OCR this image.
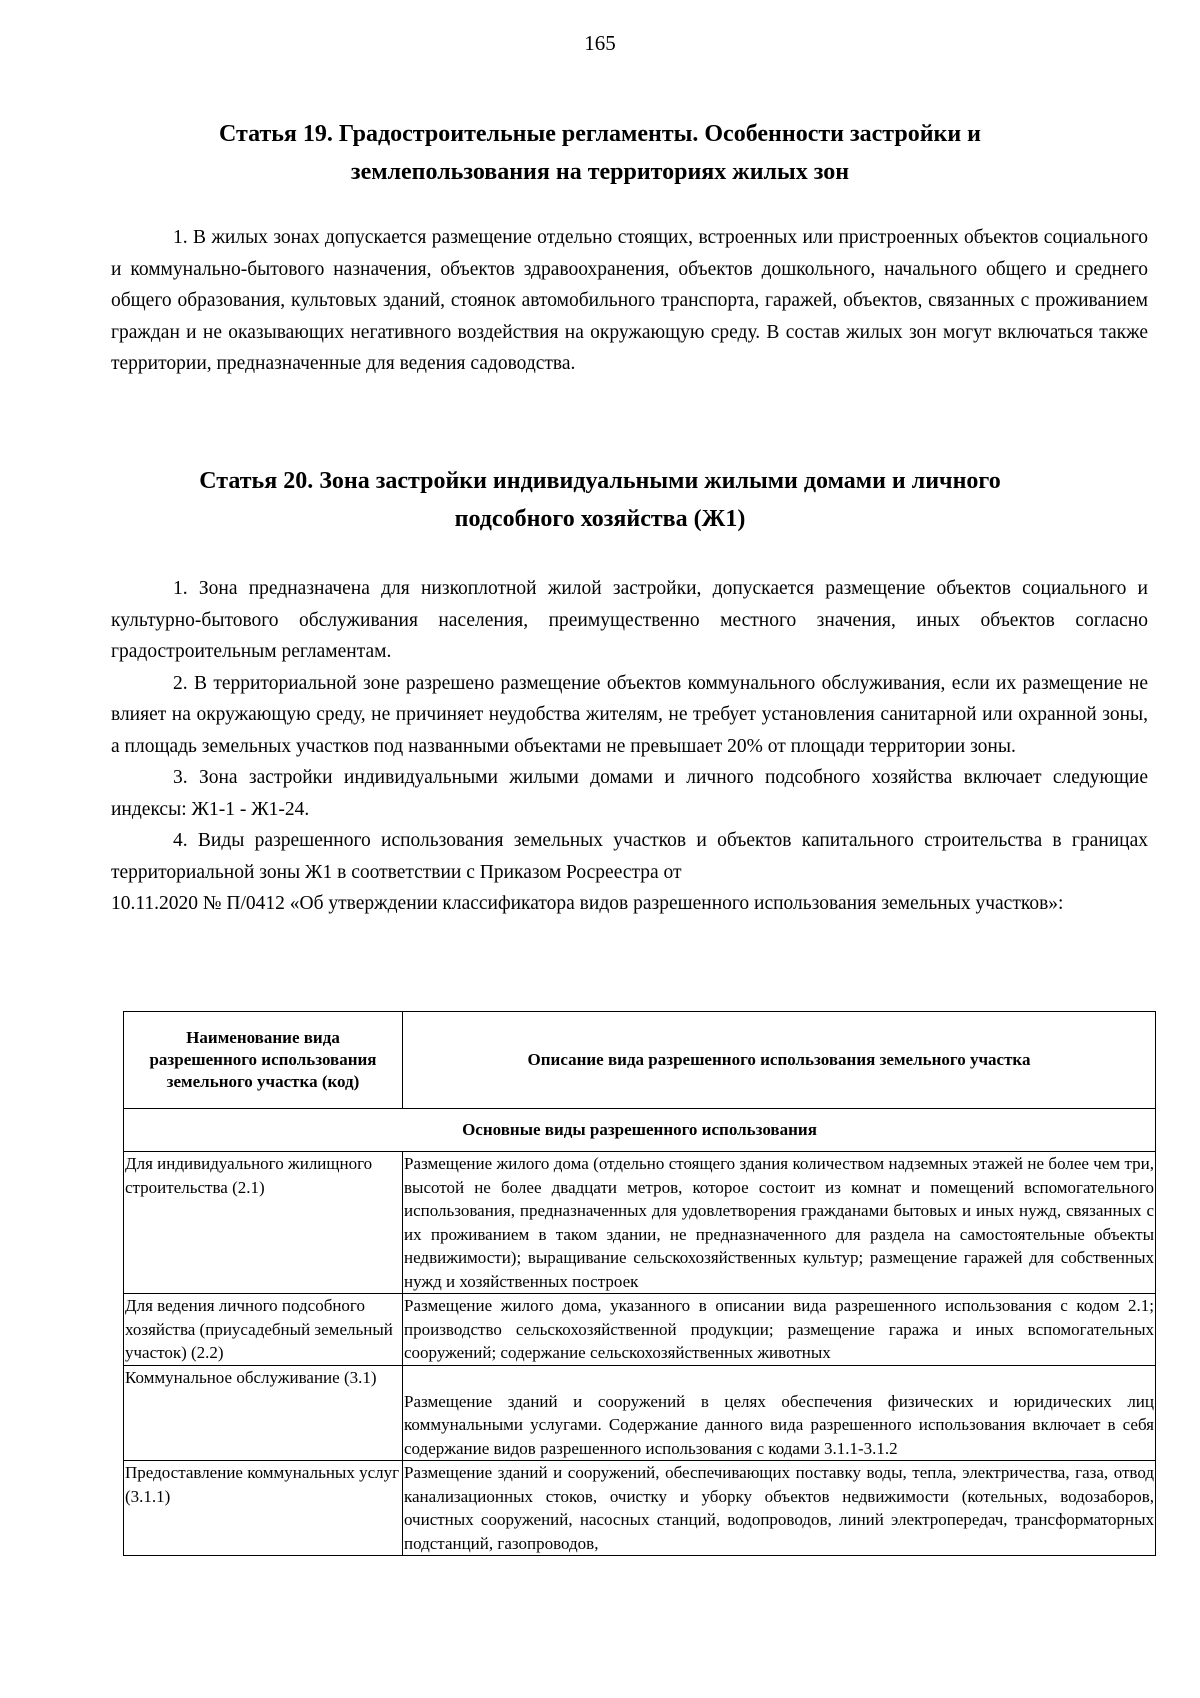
165
Статья 19. Градостроительные регламенты. Особенности застройки и землепользования на территориях жилых зон

1. В жилых зонах допускается размещение отдельно стоящих, встроенных или пристроенных объектов социального и коммунально-бытового назначения, объектов здравоохранения, объектов дошкольного, начального общего и среднего общего образования, культовых зданий, стоянок автомобильного транспорта, гаражей, объектов, связанных с проживанием граждан и не оказывающих негативного воздействия на окружающую среду. В состав жилых зон могут включаться также территории, предназначенные для ведения садоводства.

Статья 20. Зона застройки индивидуальными жилыми домами и личного подсобного хозяйства (Ж1)

1. Зона предназначена для низкоплотной жилой застройки, допускается размещение объектов социального и культурно-бытового обслуживания населения, преимущественно местного значения, иных объектов согласно градостроительным регламентам.

2. В территориальной зоне разрешено размещение объектов коммунального обслуживания, если их размещение не влияет на окружающую среду, не причиняет неудобства жителям, не требует установления санитарной или охранной зоны, а площадь земельных участков под названными объектами не превышает 20% от площади территории зоны.

3. Зона застройки индивидуальными жилыми домами и личного подсобного хозяйства включает следующие индексы: Ж1-1 - Ж1-24.

4. Виды разрешенного использования земельных участков и объектов капитального строительства в границах территориальной зоны Ж1 в соответствии с Приказом Росреестра от

10.11.2020 № П/0412 «Об утверждении классификатора видов разрешенного использования земельных участков»:

Наименование вида разрешенного использования земельного участка (код)	Описание вида разрешенного использования земельного участка
Основные виды разрешенного использования	
Для индивидуального жилищного строительства (2.1)	Размещение жилого дома (отдельно стоящего здания количеством надземных этажей не более чем три, высотой не более двадцати метров, которое состоит из комнат и помещений вспомогательного использования, предназначенных для удовлетворения гражданами бытовых и иных нужд, связанных с их проживанием в таком здании, не предназначенного для раздела на самостоятельные объекты недвижимости); выращивание сельскохозяйственных культур; размещение гаражей для собственных нужд и хозяйственных построек
Для ведения личного подсобного хозяйства (приусадебный земельный участок) (2.2)	Размещение жилого дома, указанного в описании вида разрешенного использования с кодом 2.1; производство сельскохозяйственной продукции; размещение гаража и иных вспомогательных сооружений; содержание сельскохозяйственных животных
Коммунальное обслуживание (3.1)	Размещение зданий и сооружений в целях обеспечения физических и юридических лиц коммунальными услугами. Содержание данного вида разрешенного использования включает в себя содержание видов разрешенного использования с кодами 3.1.1-3.1.2
Предоставление коммунальных услуг (3.1.1)	Размещение зданий и сооружений, обеспечивающих поставку воды, тепла, электричества, газа, отвод канализационных стоков, очистку и уборку объектов недвижимости (котельных, водозаборов, очистных сооружений, насосных станций, водопроводов, линий электропередач, трансформаторных подстанций, газопроводов,
